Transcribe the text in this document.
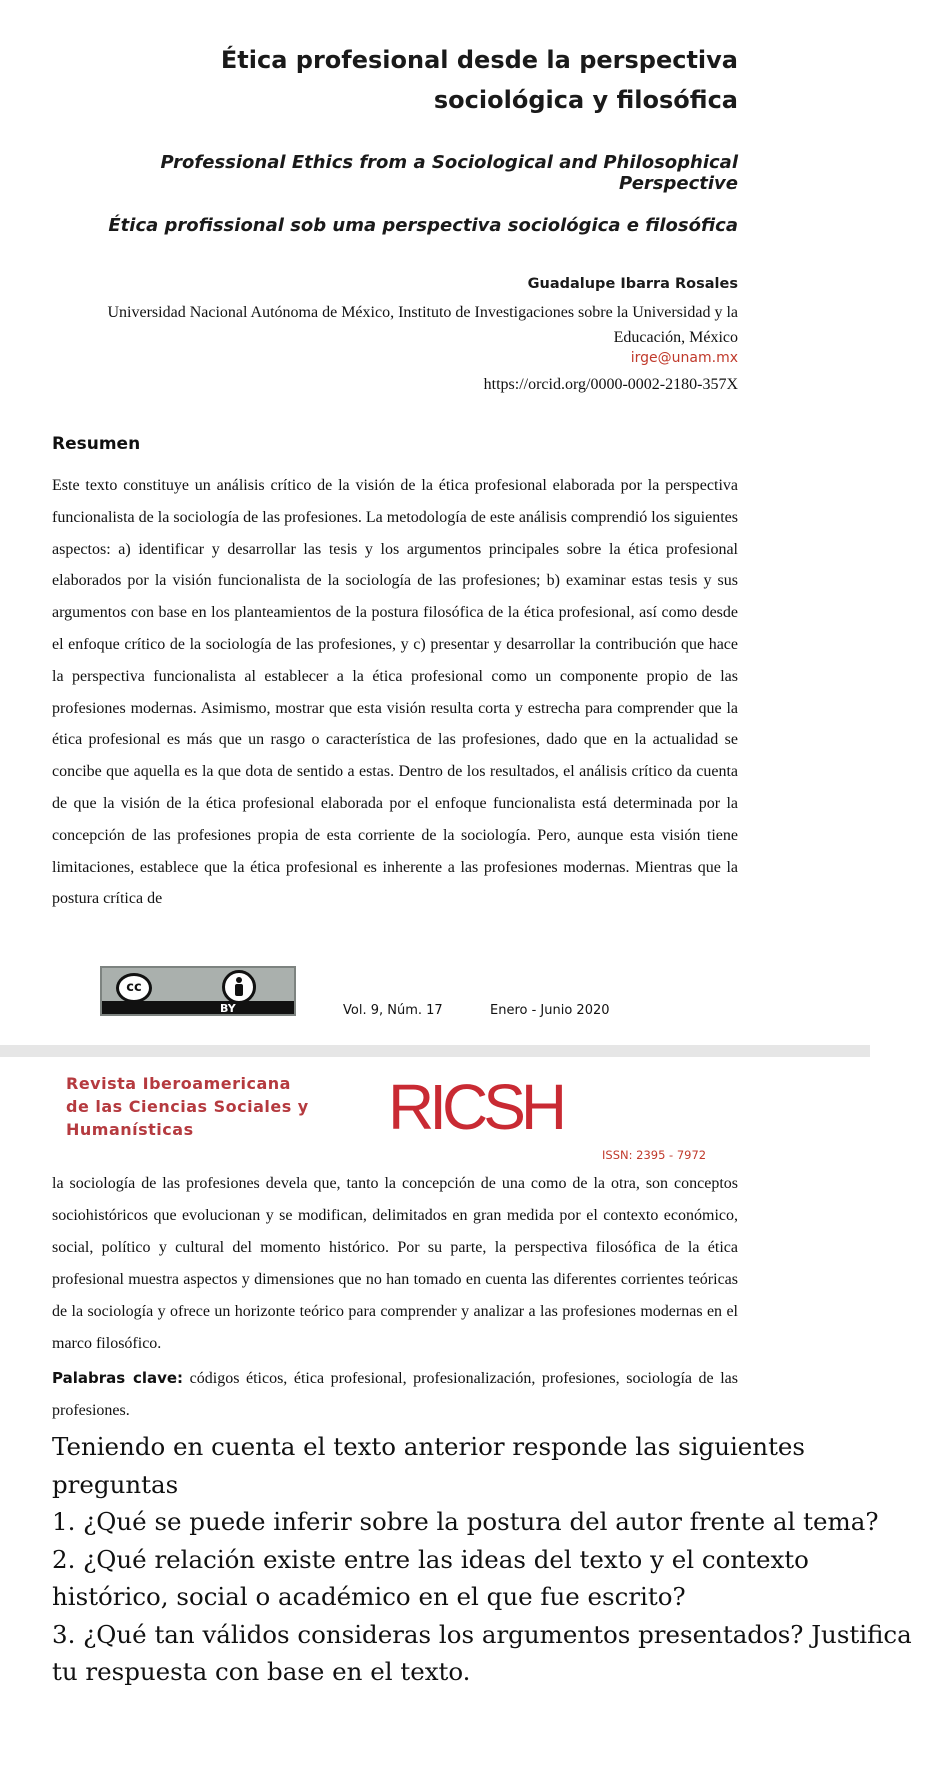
Ética profesional desde la perspectiva sociológica y filosófica
Professional Ethics from a Sociological and Philosophical Perspective
Ética profissional sob uma perspectiva sociológica e filosófica
Guadalupe Ibarra Rosales
Universidad Nacional Autónoma de México, Instituto de Investigaciones sobre la Universidad y la Educación, México
irge@unam.mx
https://orcid.org/0000-0002-2180-357X
Resumen

Este texto constituye un análisis crítico de la visión de la ética profesional elaborada por la perspectiva funcionalista de la sociología de las profesiones. La metodología de este análisis comprendió los siguientes aspectos: a) identificar y desarrollar las tesis y los argumentos principales sobre la ética profesional elaborados por la visión funcionalista de la sociología de las profesiones; b) examinar estas tesis y sus argumentos con base en los planteamientos de la postura filosófica de la ética profesional, así como desde el enfoque crítico de la sociología de las profesiones, y c) presentar y desarrollar la contribución que hace la perspectiva funcionalista al establecer a la ética profesional como un componente propio de las profesiones modernas. Asimismo, mostrar que esta visión resulta corta y estrecha para comprender que la ética profesional es más que un rasgo o característica de las profesiones, dado que en la actualidad se concibe que aquella es la que dota de sentido a estas. Dentro de los resultados, el análisis crítico da cuenta de que la visión de la ética profesional elaborada por el enfoque funcionalista está determinada por la concepción de las profesiones propia de esta corriente de la sociología. Pero, aunque esta visión tiene limitaciones, establece que la ética profesional es inherente a las profesiones modernas. Mientras que la postura crítica de

cc
BY	Vol. 9, Núm. 17	Enero - Junio 2020
Revista Iberoamericana
de las Ciencias Sociales y
Humanísticas	RICSH
ISSN: 2395 - 7972

la sociología de las profesiones devela que, tanto la concepción de una como de la otra, son conceptos sociohistóricos que evolucionan y se modifican, delimitados en gran medida por el contexto económico, social, político y cultural del momento histórico. Por su parte, la perspectiva filosófica de la ética profesional muestra aspectos y dimensiones que no han tomado en cuenta las diferentes corrientes teóricas de la sociología y ofrece un horizonte teórico para comprender y analizar a las profesiones modernas en el marco filosófico.

Palabras clave: códigos éticos, ética profesional, profesionalización, profesiones, sociología de las profesiones.

Teniendo en cuenta el texto anterior responde las siguientes preguntas

1. ¿Qué se puede inferir sobre la postura del autor frente al tema?

2. ¿Qué relación existe entre las ideas del texto y el contexto histórico, social o académico en el que fue escrito?

3. ¿Qué tan válidos consideras los argumentos presentados? Justifica tu respuesta con base en el texto.
